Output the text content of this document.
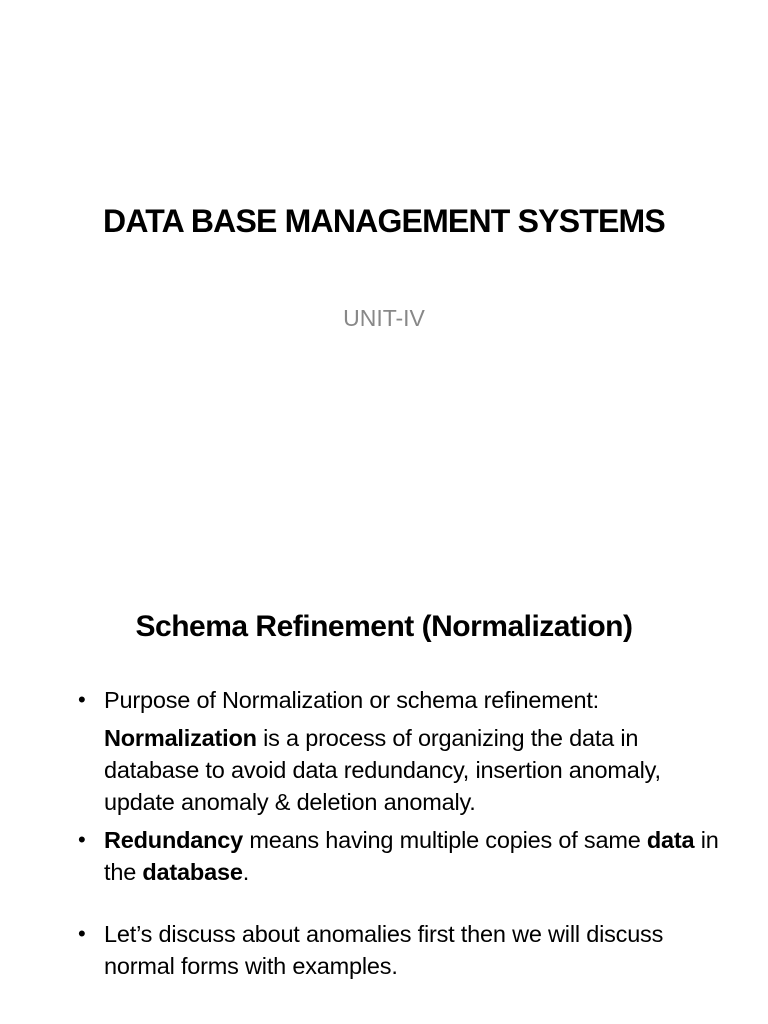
DATA BASE MANAGEMENT SYSTEMS
UNIT-IV
Schema Refinement (Normalization)
• Purpose of Normalization or schema refinement:
Normalization is a process of organizing the data in database to avoid data redundancy, insertion anomaly, update anomaly & deletion anomaly.
• Redundancy means having multiple copies of same data in the database.
• Let’s discuss about anomalies first then we will discuss normal forms with examples.
